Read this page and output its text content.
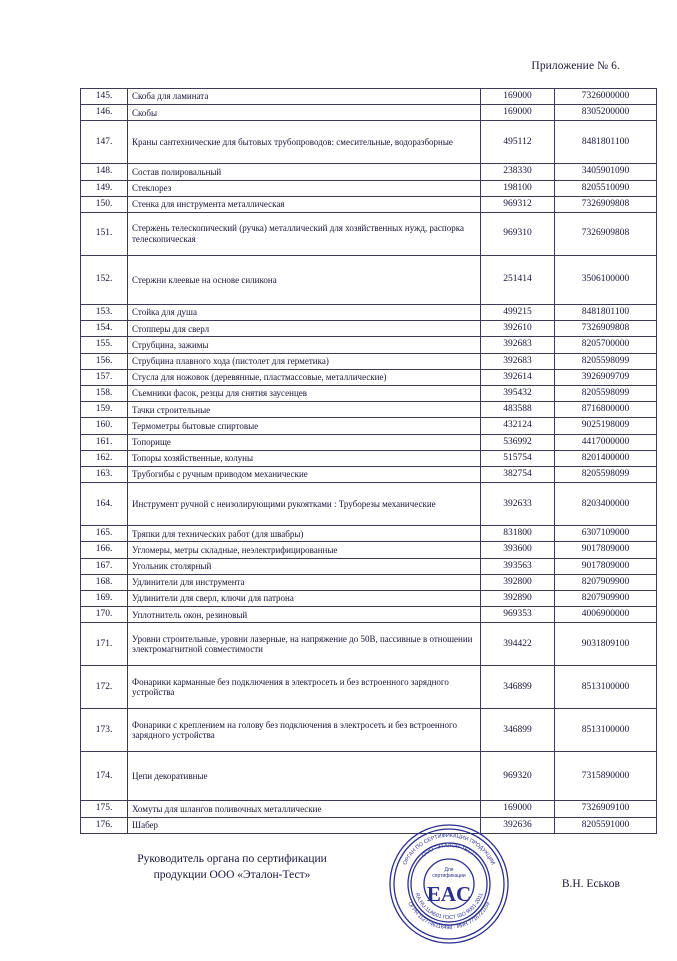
Приложение № 6.
145.	Скоба для ламината	169000	7326000000
146.	Скобы	169000	8305200000
147.	Краны сантехнические для бытовых трубопроводов: смесительные, водоразборные	495112	8481801100
148.	Состав полировальный	238330	3405901090
149.	Стеклорез	198100	8205510090
150.	Стенка для инструмента металлическая	969312	7326909808
151.	Стержень телескопический (ручка) металлический для хозяйственных нужд, распорка телескопическая	969310	7326909808
152.	Стержни клеевые на основе силикона	251414	3506100000
153.	Стойка для душа	499215	8481801100
154.	Стопперы для сверл	392610	7326909808
155.	Струбцина, зажимы	392683	8205700000
156.	Струбцина плавного хода (пистолет для герметика)	392683	8205598099
157.	Стусла для ножовок (деревянные, пластмассовые, металлические)	392614	3926909709
158.	Съемники фасок, резцы для снятия заусенцев	395432	8205598099
159.	Тачки строительные	483588	8716800000
160.	Термометры бытовые спиртовые	432124	9025198009
161.	Топорище	536992	4417000000
162.	Топоры хозяйственные, колуны	515754	8201400000
163.	Трубогибы с ручным приводом механические	382754	8205598099
164.	Инструмент ручной с неизолирующими рукоятками : Труборезы механические	392633	8203400000
165.	Тряпки для технических работ (для швабры)	831800	6307109000
166.	Угломеры, метры складные, неэлектрифицированные	393600	9017809000
167.	Угольник столярный	393563	9017809000
168.	Удлинители для инструмента	392800	8207909900
169.	Удлинители для сверл, ключи для патрона	392890	8207909900
170.	Уплотнитель окон, резиновый	969353	4006900000
171.	Уровни строительные, уровни лазерные, на напряжение до 50В, пассивные в отношении электромагнитной совместимости	394422	9031809100
172.	Фонарики карманные без подключения в электросеть и без встроенного зарядного устройства	346899	8513100000
173.	Фонарики с креплением на голову без подключения в электросеть и без встроенного зарядного устройства	346899	8513100000
174.	Цепи декоративные	969320	7315890000
175.	Хомуты для шлангов поливочных металлические	169000	7326909100
176.	Шабер	392636	8205591000
Руководитель органа по сертификации
продукции ООО «Эталон-Тест»
В.Н. Еськов
ОРГАН ПО СЕРТИФИКАЦИИ ПРОДУКЦИИ
ОГРН 1127746116498 · ИНН 7716721159
ООО "ЭТАЛОН-ТЕСТ"
RA.RU.11АБ01 ГОСТ ISO 9001-2011
Для
сертификации
EAC
